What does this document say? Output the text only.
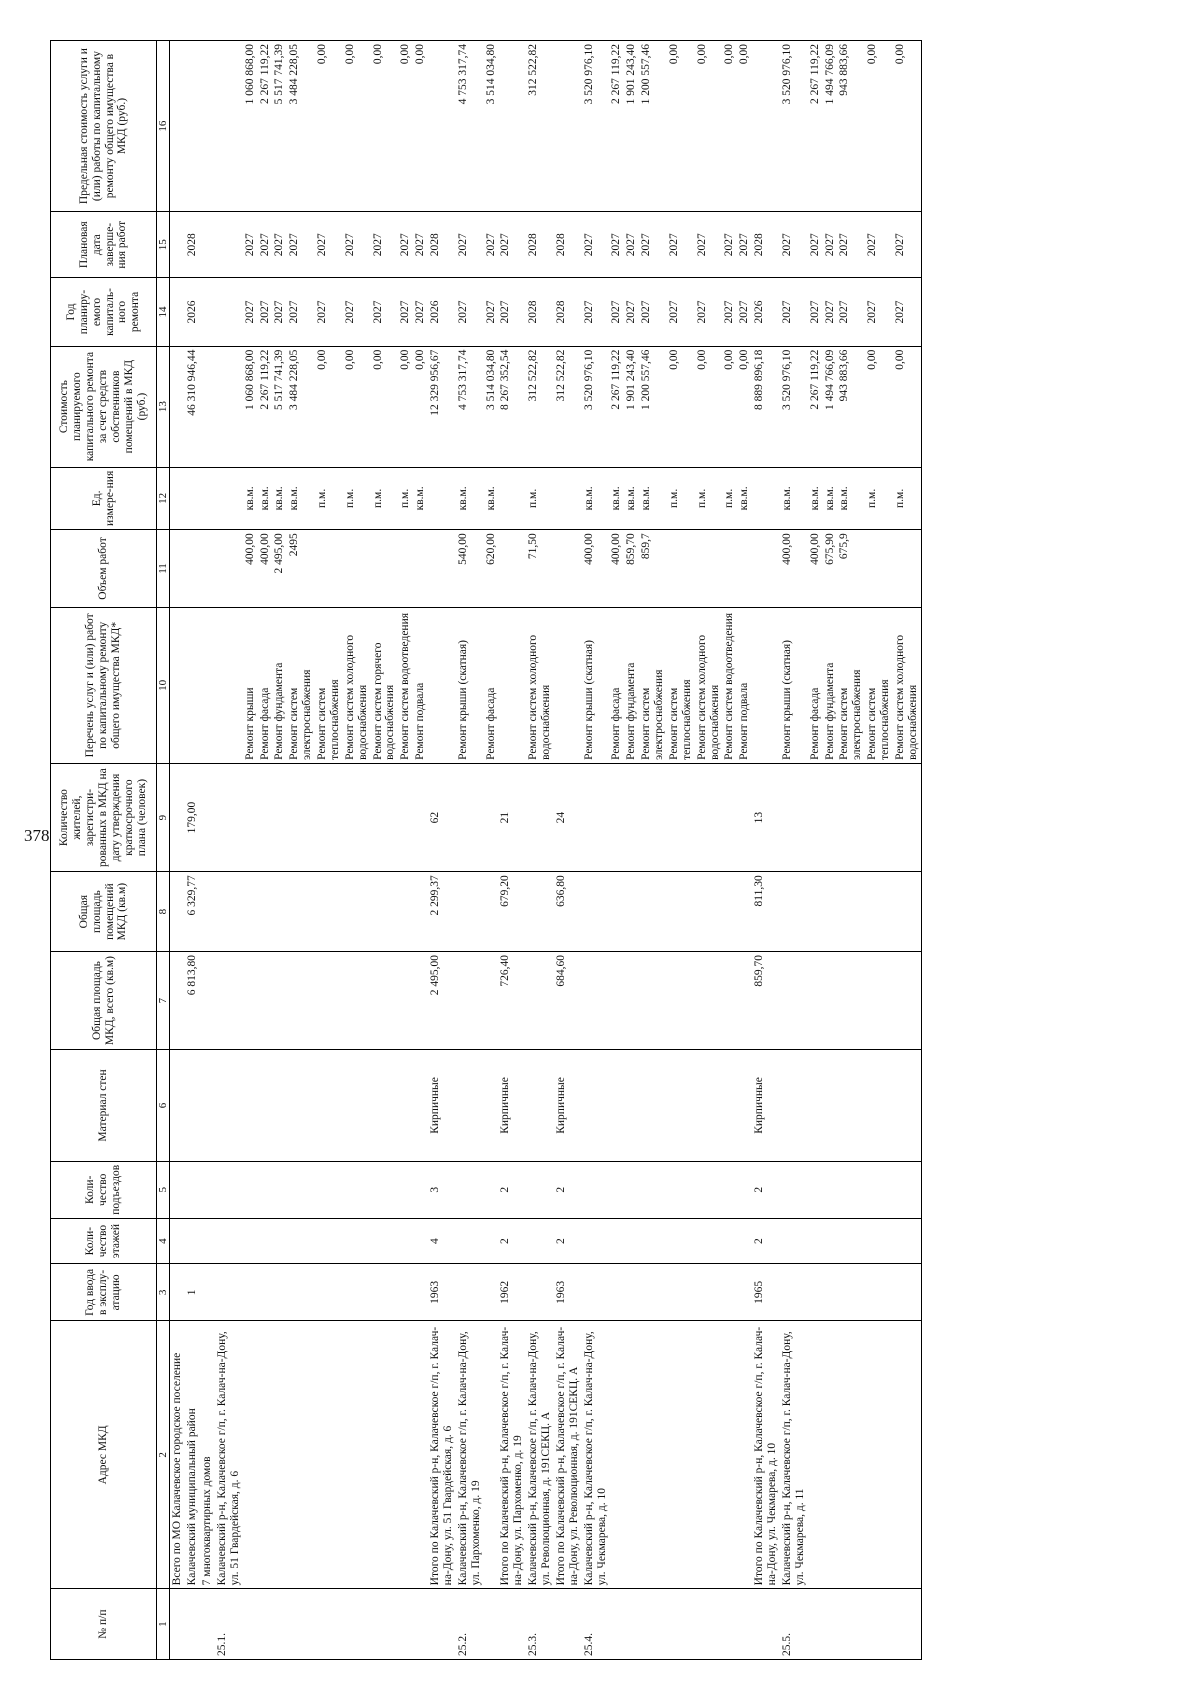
378
№ п/п	Адрес МКД	Год ввода в эксплу-атацию	Коли-чество этажей	Коли-чество подъездов	Материал стен	Общая площадь МКД, всего (кв.м)	Общая площадь помещений МКД (кв.м)	Количество жителей, зарегистри-рованных в МКД на дату утверждения краткосрочного плана (человек)	Перечень услуг и (или) работ по капитальному ремонту общего имущества МКД*	Объем работ	Ед. измере-ния	Стоимость планируемого капитального ремонта за счет средств собственников помещений в МКД (руб.)	Год планиру-емого капиталь-ного ремонта	Плановая дата заверше-ния работ	Предельная стоимость услуги и (или) работы по капитальному ремонту общего имущества в МКД (руб.)
1	2	3	4	5	6	7	8	9	10	11	12	13	14	15	16
	Всего по МО Калачевское городское поселение														
	Калачевский муниципальный район	1				6 813,80	6 329,77	179,00				46 310 946,44	2026	2028	
	7 многоквартирных домов														
25.1.	Калачевский р-н, Калачевское г/п, г. Калач-на-Дону, ул. 51 Гвардейская, д. 6														
									Ремонт крыши	400,00	кв.м.	1 060 868,00	2027	2027	1 060 868,00
									Ремонт фасада	400,00	кв.м.	2 267 119,22	2027	2027	2 267 119,22
									Ремонт фундамента	2 495,00	кв.м.	5 517 741,39	2027	2027	5 517 741,39
									Ремонт систем электроснабжения	2495	кв.м.	3 484 228,05	2027	2027	3 484 228,05
									Ремонт систем теплоснабжения		п.м.	0,00	2027	2027	0,00
									Ремонт систем холодного водоснабжения		п.м.	0,00	2027	2027	0,00
									Ремонт систем горячего водоснабжения		п.м.	0,00	2027	2027	0,00
									Ремонт систем водоотведения		п.м.	0,00	2027	2027	0,00
									Ремонт подвала		кв.м.	0,00	2027	2027	0,00
	Итого по Калачевский р-н, Калачевское г/п, г. Калач-на-Дону, ул. 51 Гвардейская, д. 6	1963	4	3	Кирпичные	2 495,00	2 299,37	62				12 329 956,67	2026	2028	
25.2.	Калачевский р-н, Калачевское г/п, г. Калач-на-Дону, ул. Пархоменко, д. 19								Ремонт крыши (скатная)	540,00	кв.м.	4 753 317,74	2027	2027	4 753 317,74
									Ремонт фасада	620,00	кв.м.	3 514 034,80	2027	2027	3 514 034,80
	Итого по Калачевский р-н, Калачевское г/п, г. Калач-на-Дону, ул. Пархоменко, д. 19	1962	2	2	Кирпичные	726,40	679,20	21				8 267 352,54	2027	2027	
25.3.	Калачевский р-н, Калачевское г/п, г. Калач-на-Дону, ул. Революционная, д. 191СЕКЦ. А								Ремонт систем холодного водоснабжения	71,50	п.м.	312 522,82	2028	2028	312 522,82
	Итого по Калачевский р-н, Калачевское г/п, г. Калач-на-Дону, ул. Революционная, д. 191СЕКЦ. А	1963	2	2	Кирпичные	684,60	636,80	24				312 522,82	2028	2028	
25.4.	Калачевский р-н, Калачевское г/п, г. Калач-на-Дону, ул. Чекмарева, д. 10								Ремонт крыши (скатная)	400,00	кв.м.	3 520 976,10	2027	2027	3 520 976,10
									Ремонт фасада	400,00	кв.м.	2 267 119,22	2027	2027	2 267 119,22
									Ремонт фундамента	859,70	кв.м.	1 901 243,40	2027	2027	1 901 243,40
									Ремонт систем электроснабжения	859,7	кв.м.	1 200 557,46	2027	2027	1 200 557,46
									Ремонт систем теплоснабжения		п.м.	0,00	2027	2027	0,00
									Ремонт систем холодного водоснабжения		п.м.	0,00	2027	2027	0,00
									Ремонт систем водоотведения		п.м.	0,00	2027	2027	0,00
									Ремонт подвала		кв.м.	0,00	2027	2027	0,00
	Итого по Калачевский р-н, Калачевское г/п, г. Калач-на-Дону, ул. Чекмарева, д. 10	1965	2	2	Кирпичные	859,70	811,30	13				8 889 896,18	2026	2028	
25.5.	Калачевский р-н, Калачевское г/п, г. Калач-на-Дону, ул. Чекмарева, д. 11								Ремонт крыши (скатная)	400,00	кв.м.	3 520 976,10	2027	2027	3 520 976,10
									Ремонт фасада	400,00	кв.м.	2 267 119,22	2027	2027	2 267 119,22
									Ремонт фундамента	675,90	кв.м.	1 494 766,09	2027	2027	1 494 766,09
									Ремонт систем электроснабжения	675,9	кв.м.	943 883,66	2027	2027	943 883,66
									Ремонт систем теплоснабжения		п.м.	0,00	2027	2027	0,00
									Ремонт систем холодного водоснабжения		п.м.	0,00	2027	2027	0,00
